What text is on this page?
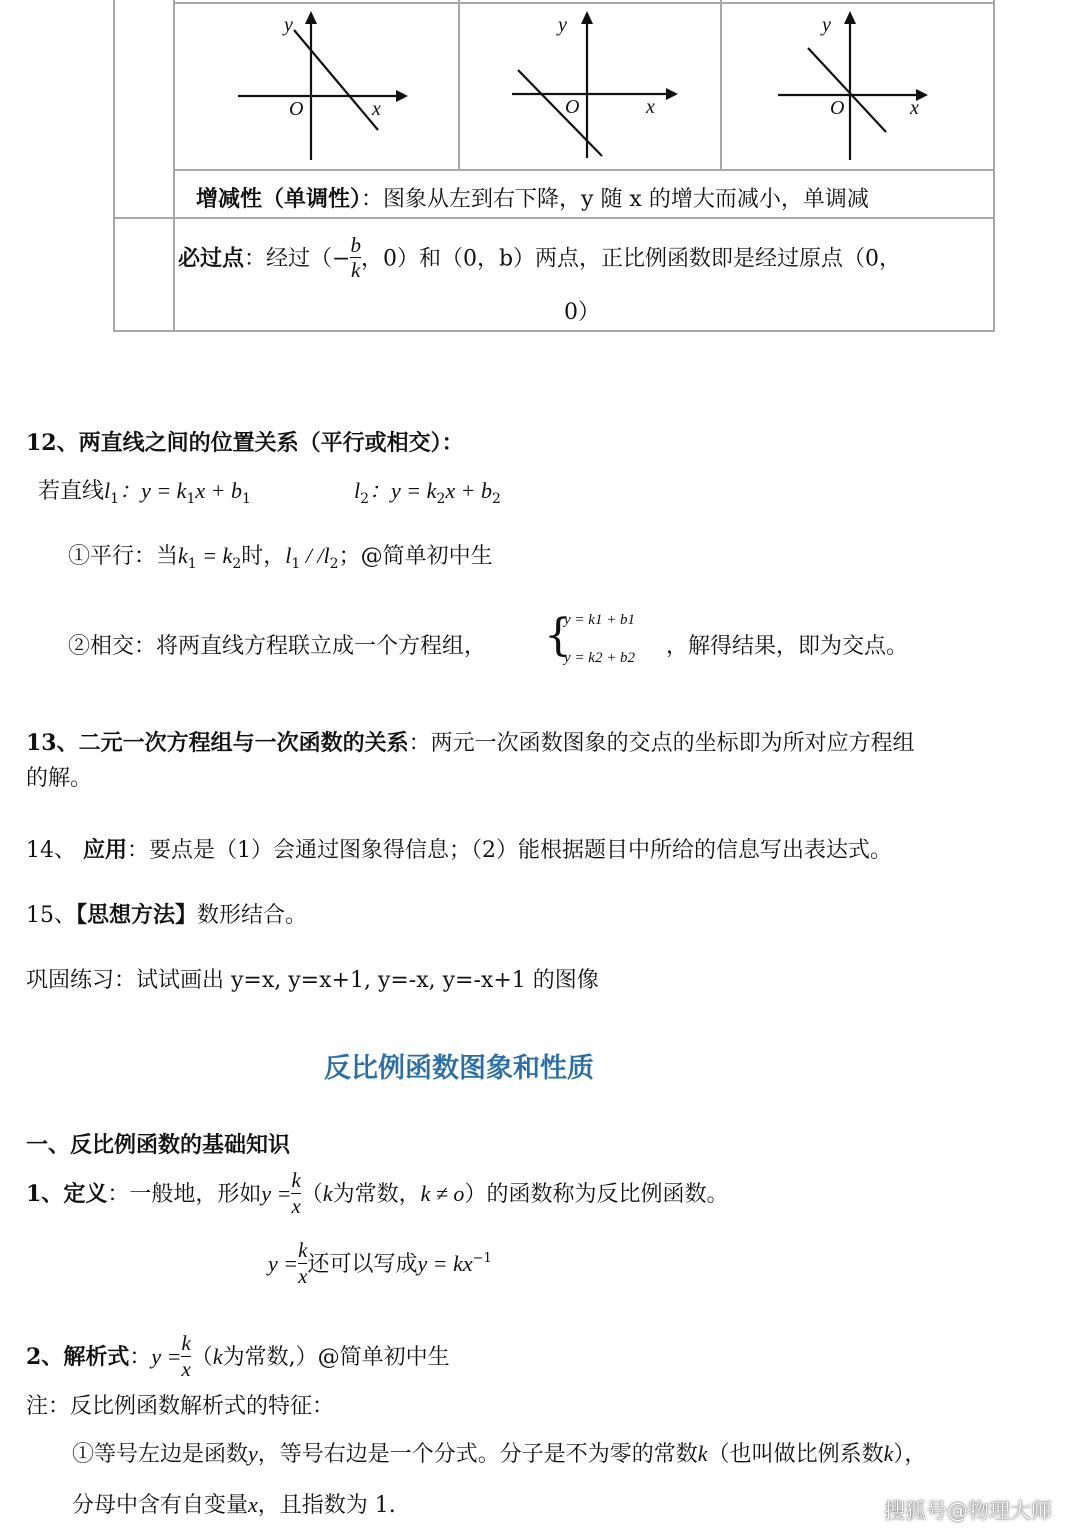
y
O	x
y
O	x
y
O	x
增减性（单调性）：图象从左到右下降，y 随 x 的增大而减小，单调减
必过点：经过（− $\frac{b}{k}$ ，0）和（0，b）两点，正比例函数即是经过原点（0，
0）
12、两直线之间的位置关系（平行或相交）：
若直线$l_1$：$y = k_1x + b_1$	$l_2$：$y = k_2x + b_2$
①平行：当$k_1 = k_2$时，$l_1 / /l_2$；@简单初中生
②相交：将两直线方程联立成一个方程组， {
y = k1 + b1
y = k2 + b2 ，解得结果，即为交点。
13、二元一次方程组与一次函数的关系：两元一次函数图象的交点的坐标即为所对应方程组
的解。
14、 应用：要点是（1）会通过图象得信息；（2）能根据题目中所给的信息写出表达式。
15、【思想方法】数形结合。
巩固练习：试试画出 y=x, y=x+1, y=-x, y=-x+1 的图像
反比例函数图象和性质
一、反比例函数的基础知识
1、定义：一般地，形如$y = \frac{k}{x} (k$为常数，k ≠ o）的函数称为反比例函数。
$y = \frac{k}{x}$ 还可以写成$y = kx^{-1}$
2、解析式：$y = \frac{k}{x} (k$为常数,）@简单初中生
注：反比例函数解析式的特征：
①等号左边是函数y，等号右边是一个分式。分子是不为零的常数k（也叫做比例系数k），
分母中含有自变量x，且指数为 1.	搜狐号@物理大师
